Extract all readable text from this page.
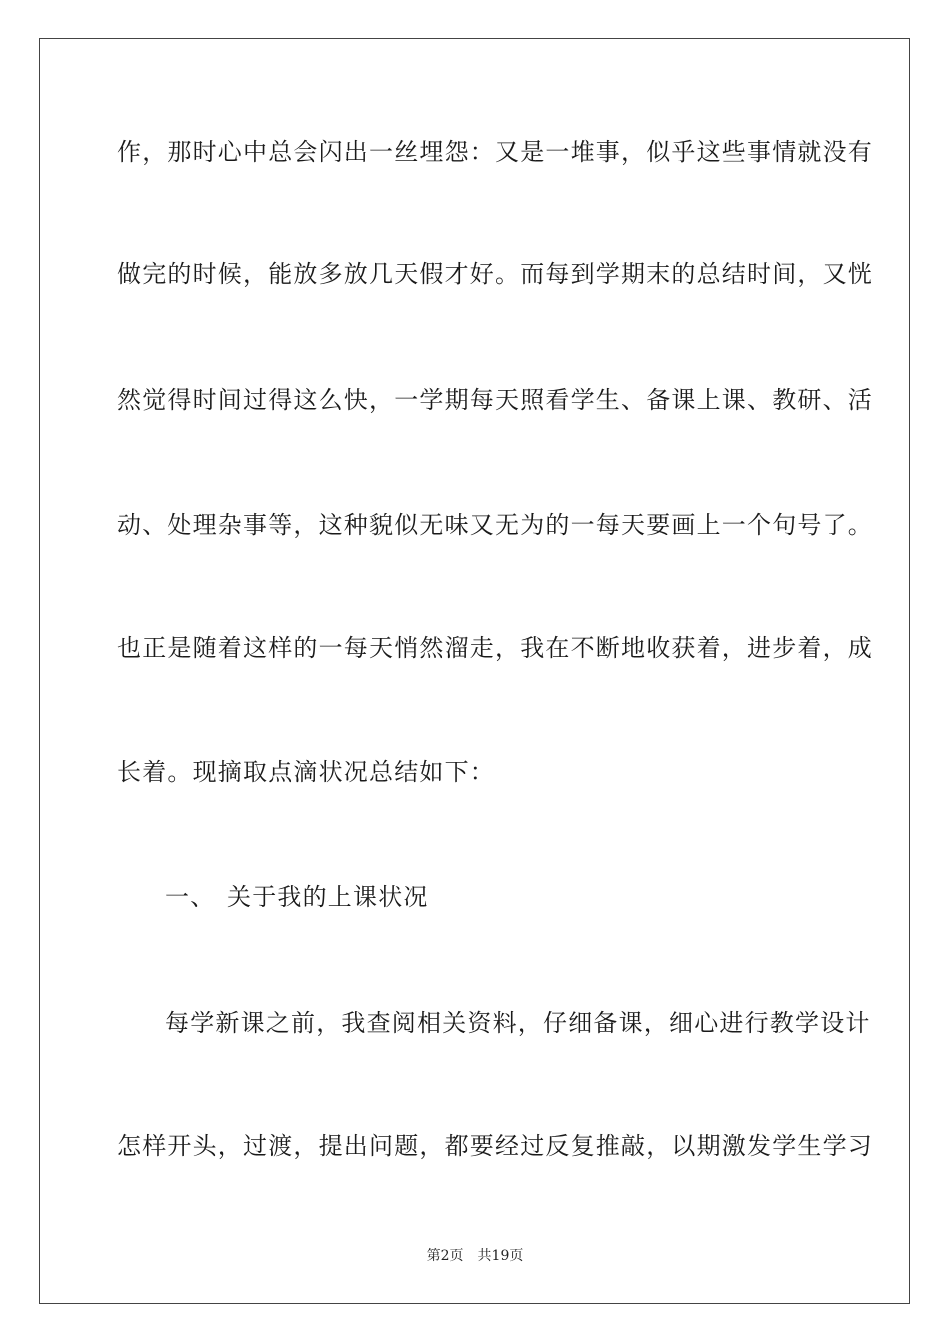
作，那时心中总会闪出一丝埋怨：又是一堆事，似乎这些事情就没有
做完的时候，能放多放几天假才好。而每到学期末的总结时间，又恍
然觉得时间过得这么快，一学期每天照看学生、备课上课、教研、活
动、处理杂事等，这种貌似无味又无为的一每天要画上一个句号了。
也正是随着这样的一每天悄然溜走，我在不断地收获着，进步着，成
长着。现摘取点滴状况总结如下：
一、 关于我的上课状况
每学新课之前，我查阅相关资料，仔细备课，细心进行教学设计
怎样开头，过渡，提出问题，都要经过反复推敲，以期激发学生学习
第2页 共19页
